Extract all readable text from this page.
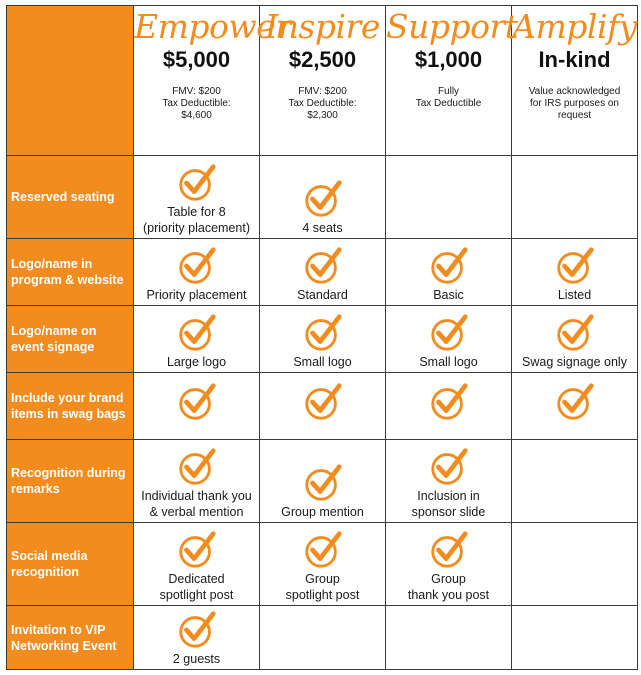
	Empower
$5,000
FMV: $200
Tax Deductible:
$4,600	Inspire
$2,500
FMV: $200
Tax Deductible:
$2,300	Support
$1,000
Fully
Tax Deductible	Amplify
In-kind
Value acknowledged
for IRS purposes on
request

Reserved seating	Table for 8
(priority placement)	4 seats		

Logo/name in program & website	Priority placement	Standard	Basic	Listed

Logo/name on event signage	Large logo	Small logo	Small logo	Swag signage only

Include your brand items in swag bags	

Recognition during remarks	Individual thank you
& verbal mention	Group mention	Inclusion in
sponsor slide	

Social media recognition	Dedicated
spotlight post	Group
spotlight post	Group
thank you post	

Invitation to VIP Networking Event	2 guests			
